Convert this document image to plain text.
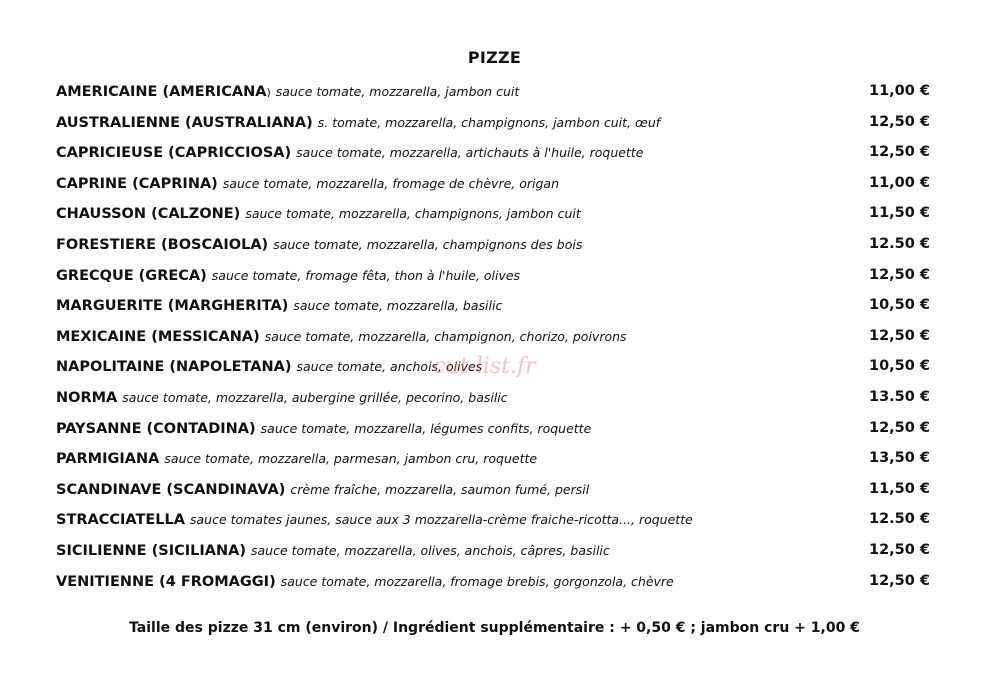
PIZZE
AMERICAINE (AMERICANA) sauce tomate, mozzarella, jambon cuit	11,00 €
AUSTRALIENNE (AUSTRALIANA) s. tomate, mozzarella, champignons, jambon cuit, œuf	12,50 €
CAPRICIEUSE (CAPRICCIOSA) sauce tomate, mozzarella, artichauts à l'huile, roquette	12,50 €
CAPRINE (CAPRINA) sauce tomate, mozzarella, fromage de chèvre, origan	11,00 €
CHAUSSON (CALZONE) sauce tomate, mozzarella, champignons, jambon cuit	11,50 €
FORESTIERE (BOSCAIOLA) sauce tomate, mozzarella, champignons des bois	12.50 €
GRECQUE (GRECA) sauce tomate, fromage fêta, thon à l'huile, olives	12,50 €
MARGUERITE (MARGHERITA) sauce tomate, mozzarella, basilic	10,50 €
MEXICAINE (MESSICANA) sauce tomate, mozzarella, champignon, chorizo, poivrons	12,50 €
NAPOLITAINE (NAPOLETANA) sauce tomate, anchois, olives	10,50 €
NORMA sauce tomate, mozzarella, aubergine grillée, pecorino, basilic	13.50 €
PAYSANNE (CONTADINA) sauce tomate, mozzarella, légumes confits, roquette	12,50 €
PARMIGIANA sauce tomate, mozzarella, parmesan, jambon cru, roquette	13,50 €
SCANDINAVE (SCANDINAVA) crème fraîche, mozzarella, saumon fumé, persil	11,50 €
STRACCIATELLA sauce tomates jaunes, sauce aux 3 mozzarella-crème fraiche-ricotta..., roquette	12.50 €
SICILIENNE (SICILIANA) sauce tomate, mozzarella, olives, anchois, câpres, basilic	12,50 €
VENITIENNE (4 FROMAGGI) sauce tomate, mozzarella, fromage brebis, gorgonzola, chèvre	12,50 €
cut-list.fr
Taille des pizze 31 cm (environ) / Ingrédient supplémentaire : + 0,50 € ; jambon cru + 1,00 €
